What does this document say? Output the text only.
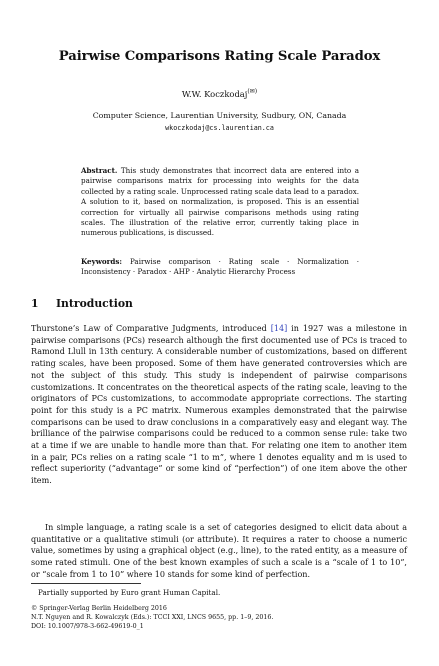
Pairwise Comparisons Rating Scale Paradox
W.W. Koczkodaj(✉)
Computer Science, Laurentian University, Sudbury, ON, Canada
wkoczkodaj@cs.laurentian.ca
Abstract. This study demonstrates that incorrect data are entered into a pairwise comparisons matrix for processing into weights for the data collected by a rating scale. Unprocessed rating scale data lead to a paradox. A solution to it, based on normalization, is proposed. This is an essential correction for virtually all pairwise comparisons methods using rating scales. The illustration of the relative error, currently taking place in numerous publications, is discussed.
Keywords: Pairwise comparison · Rating scale · Normalization · Inconsistency · Paradox · AHP · Analytic Hierarchy Process
1 Introduction
Thurstone’s Law of Comparative Judgments, introduced [14] in 1927 was a milestone in pairwise comparisons (PCs) research although the first documented use of PCs is traced to Ramond Llull in 13th century. A considerable number of customizations, based on different rating scales, have been proposed. Some of them have generated controversies which are not the subject of this study. This study is independent of pairwise comparisons customizations. It concentrates on the theoretical aspects of the rating scale, leaving to the originators of PCs customizations, to accommodate appropriate corrections. The starting point for this study is a PC matrix. Numerous examples demonstrated that the pairwise comparisons can be used to draw conclusions in a comparatively easy and elegant way. The brilliance of the pairwise comparisons could be reduced to a common sense rule: take two at a time if we are unable to handle more than that. For relating one item to another item in a pair, PCs relies on a rating scale “1 to m”, where 1 denotes equality and m is used to reflect superiority (“advantage” or some kind of “perfection”) of one item above the other item.
In simple language, a rating scale is a set of categories designed to elicit data about a quantitative or a qualitative stimuli (or attribute). It requires a rater to choose a numeric value, sometimes by using a graphical object (e.g., line), to the rated entity, as a measure of some rated stimuli. One of the best known examples of such a scale is a “scale of 1 to 10”, or “scale from 1 to 10” where 10 stands for some kind of perfection.
Partially supported by Euro grant Human Capital.
© Springer-Verlag Berlin Heidelberg 2016
N.T. Nguyen and R. Kowalczyk (Eds.): TCCI XXI, LNCS 9655, pp. 1–9, 2016.
DOI: 10.1007/978-3-662-49619-0_1
